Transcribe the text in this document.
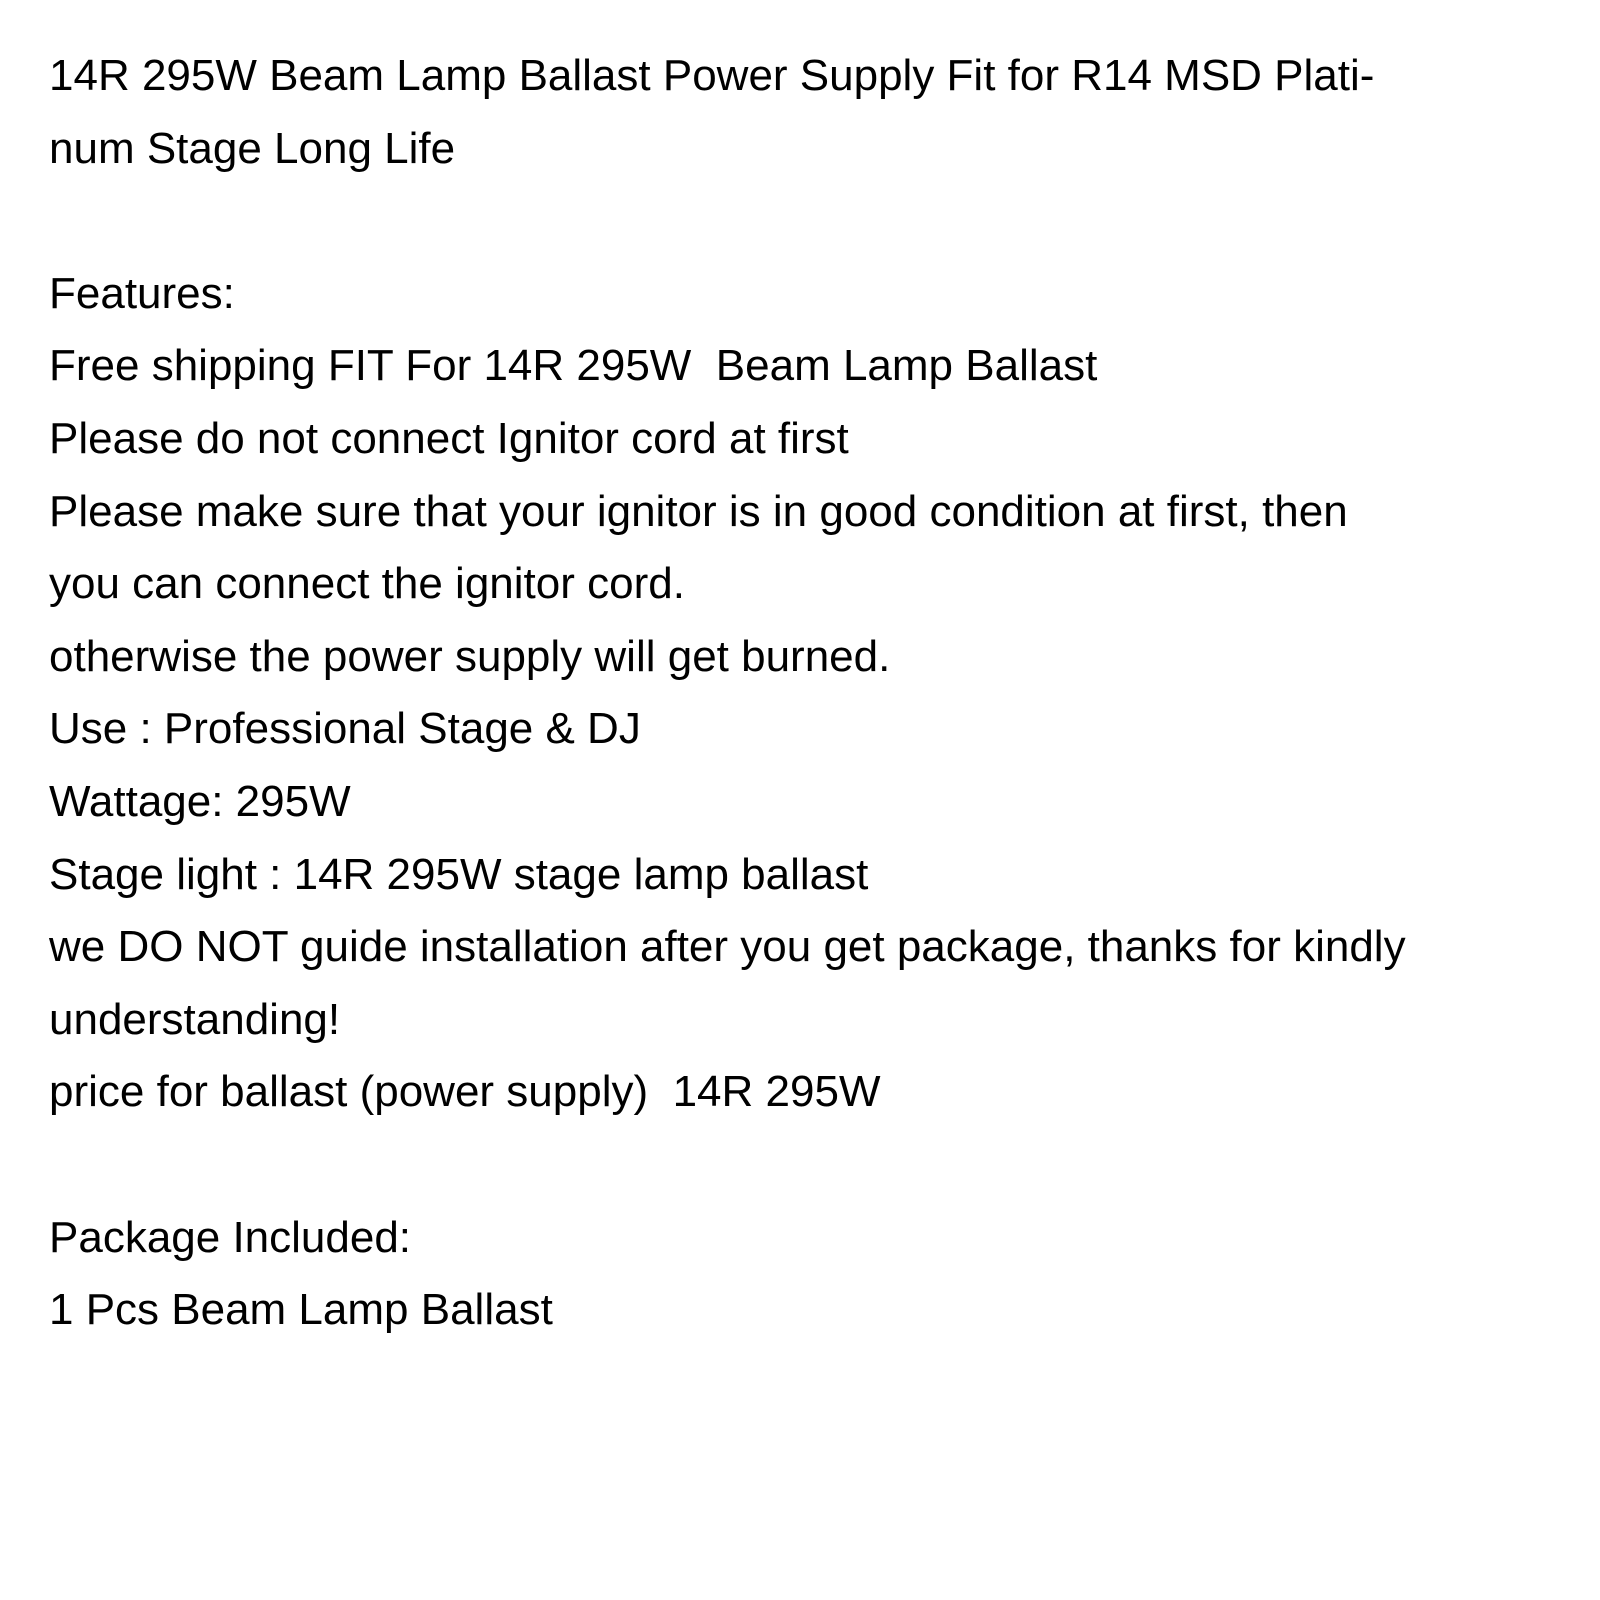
14R 295W Beam Lamp Ballast Power Supply Fit for R14 MSD Plati-
num Stage Long Life
Features:
Free shipping FIT For 14R 295W  Beam Lamp Ballast
Please do not connect Ignitor cord at first
Please make sure that your ignitor is in good condition at first, then
you can connect the ignitor cord.
otherwise the power supply will get burned.
Use : Professional Stage & DJ
Wattage: 295W
Stage light : 14R 295W stage lamp ballast
we DO NOT guide installation after you get package, thanks for kindly
understanding!
price for ballast (power supply)  14R 295W
Package Included:
1 Pcs Beam Lamp Ballast
